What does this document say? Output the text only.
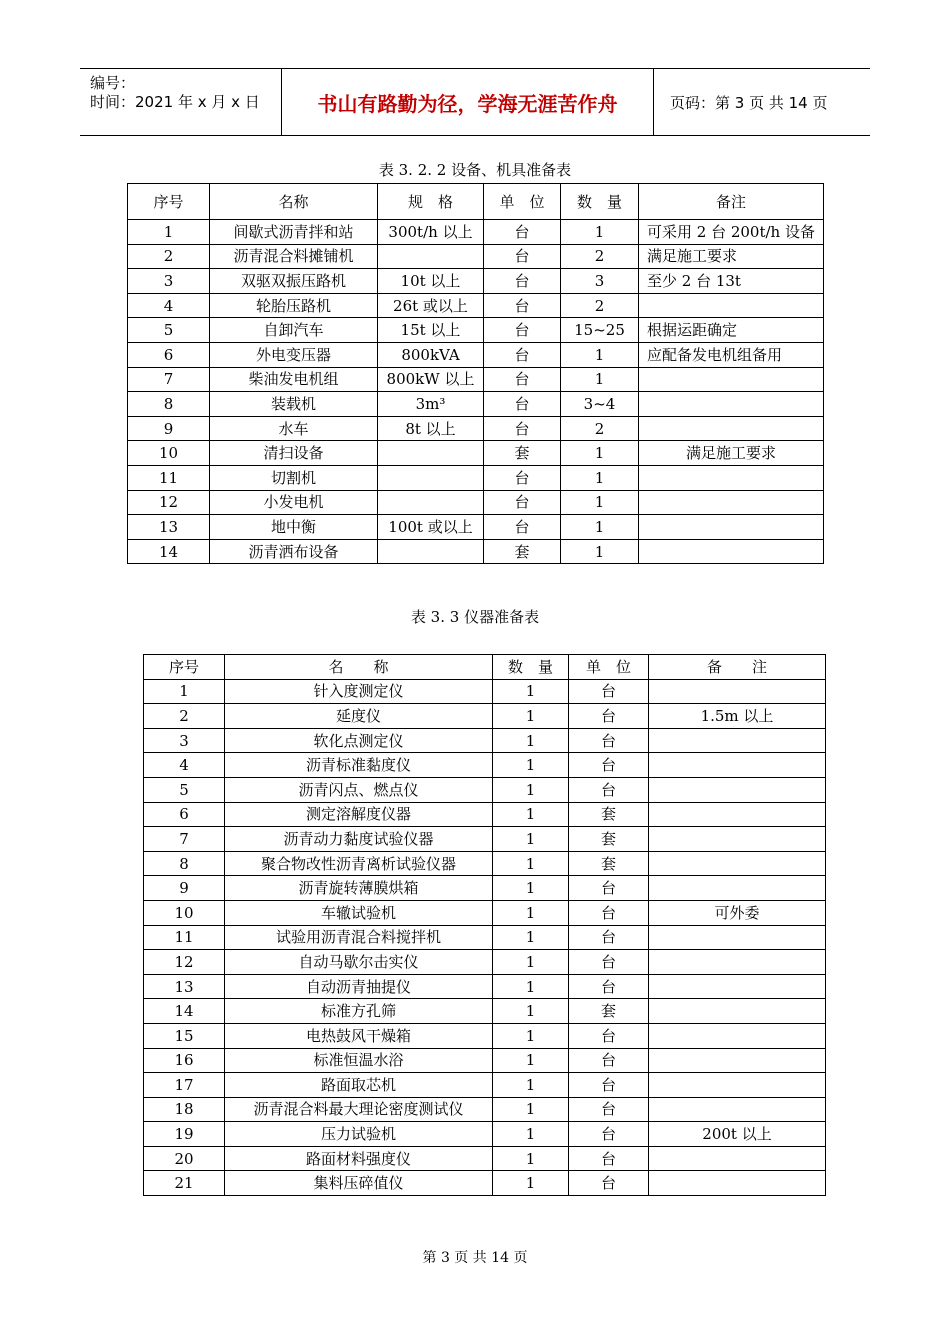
编号：
时间：2021 年 x 月 x 日	书山有路勤为径，学海无涯苦作舟	页码：第 3 页 共 14 页
表 3. 2. 2 设备、机具准备表
序号	名称	规　格	单　位	数　量	备注
1	间歇式沥青拌和站	300t/h 以上	台	1	可采用 2 台 200t/h 设备
2	沥青混合料摊铺机		台	2	满足施工要求
3	双驱双振压路机	10t 以上	台	3	至少 2 台 13t
4	轮胎压路机	26t 或以上	台	2	
5	自卸汽车	15t 以上	台	15~25	根据运距确定
6	外电变压器	800kVA	台	1	应配备发电机组备用
7	柴油发电机组	800kW 以上	台	1	
8	装载机	3m³	台	3~4	
9	水车	8t 以上	台	2	
10	清扫设备		套	1	满足施工要求
11	切割机		台	1	
12	小发电机		台	1	
13	地中衡	100t 或以上	台	1	
14	沥青洒布设备		套	1	
表 3. 3 仪器准备表
序号	名　　称	数　量	单　位	备　　注
1	针入度测定仪	1	台	
2	延度仪	1	台	1.5m 以上
3	软化点测定仪	1	台	
4	沥青标准黏度仪	1	台	
5	沥青闪点、燃点仪	1	台	
6	测定溶解度仪器	1	套	
7	沥青动力黏度试验仪器	1	套	
8	聚合物改性沥青离析试验仪器	1	套	
9	沥青旋转薄膜烘箱	1	台	
10	车辙试验机	1	台	可外委
11	试验用沥青混合料搅拌机	1	台	
12	自动马歇尔击实仪	1	台	
13	自动沥青抽提仪	1	台	
14	标准方孔筛	1	套	
15	电热鼓风干燥箱	1	台	
16	标准恒温水浴	1	台	
17	路面取芯机	1	台	
18	沥青混合料最大理论密度测试仪	1	台	
19	压力试验机	1	台	200t 以上
20	路面材料强度仪	1	台	
21	集料压碎值仪	1	台	
第 3 页 共 14 页
